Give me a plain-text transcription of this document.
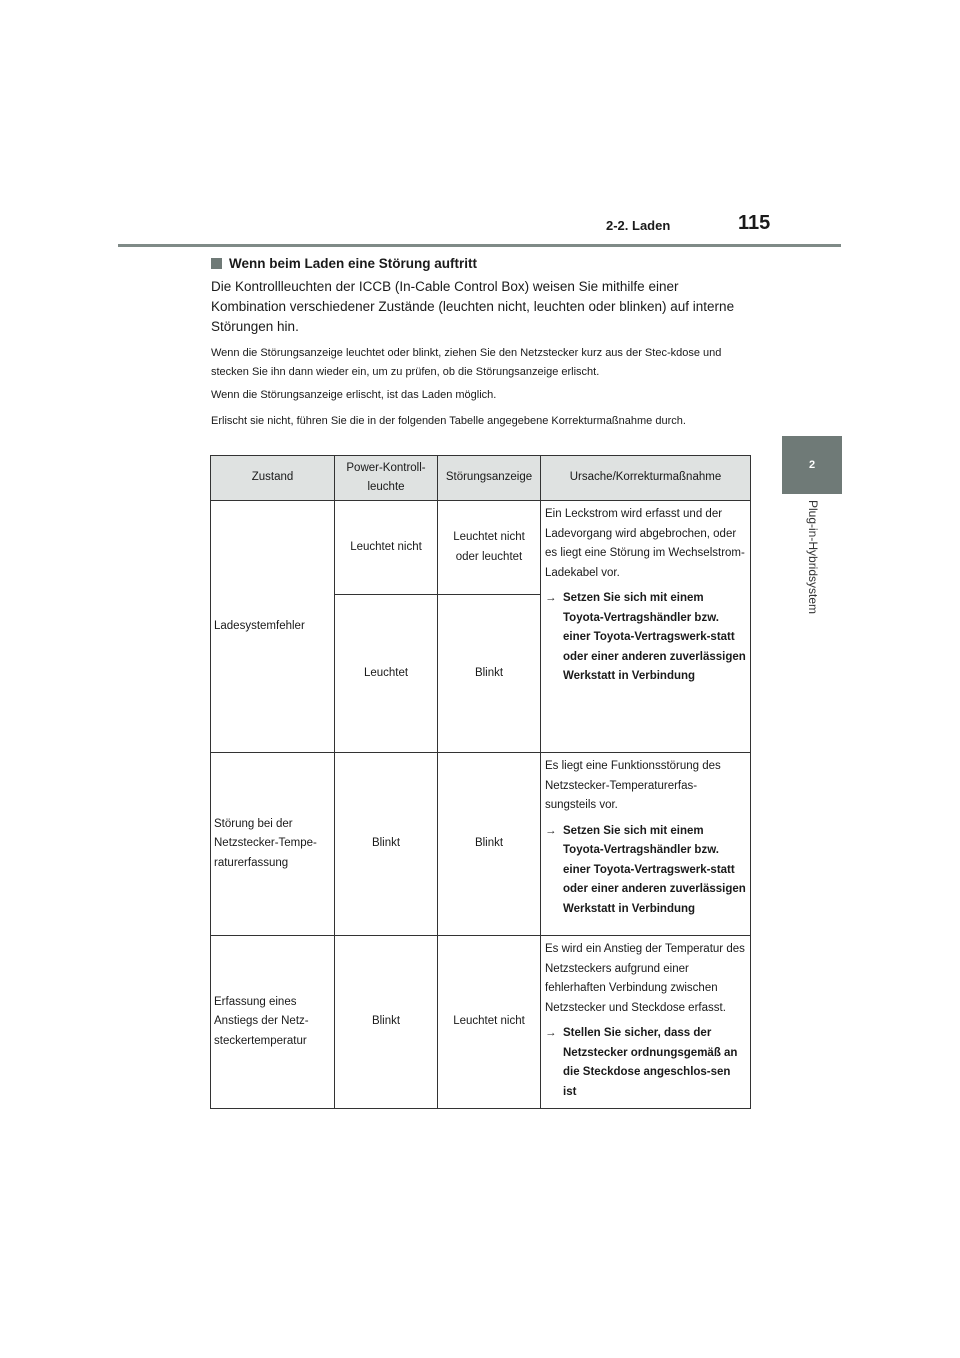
2-2. Laden	115
2
Plug-in-Hybridsystem
Wenn beim Laden eine Störung auftritt
Die Kontrollleuchten der ICCB (In-Cable Control Box) weisen Sie mithilfe einer Kombination verschiedener Zustände (leuchten nicht, leuchten oder blinken) auf interne Störungen hin.
Wenn die Störungsanzeige leuchtet oder blinkt, ziehen Sie den Netzstecker kurz aus der Stec-kdose und stecken Sie ihn dann wieder ein, um zu prüfen, ob die Störungsanzeige erlischt.
Wenn die Störungsanzeige erlischt, ist das Laden möglich.
Erlischt sie nicht, führen Sie die in der folgenden Tabelle angegebene Korrekturmaßnahme durch.
Zustand	Power-Kontroll-leuchte	Störungsanzeige	Ursache/Korrekturmaßnahme
Ladesystemfehler	Leuchtet nicht	Leuchtet nicht oder leuchtet	Ein Leckstrom wird erfasst und der Ladevorgang wird abgebrochen, oder es liegt eine Störung im Wechselstrom-Ladekabel vor.
→ Setzen Sie sich mit einem Toyota-Vertragshändler bzw. einer Toyota-Vertragswerk-statt oder einer anderen zuverlässigen Werkstatt in Verbindung

	Leuchtet	Blinkt	
Störung bei der Netzstecker-Tempe-raturerfassung	Blinkt	Blinkt	Es liegt eine Funktionsstörung des Netzstecker-Temperaturerfas-sungsteils vor.
→ Setzen Sie sich mit einem Toyota-Vertragshändler bzw. einer Toyota-Vertragswerk-statt oder einer anderen zuverlässigen Werkstatt in Verbindung

Erfassung eines Anstiegs der Netz-steckertemperatur	Blinkt	Leuchtet nicht	Es wird ein Anstieg der Temperatur des Netzsteckers aufgrund einer fehlerhaften Verbindung zwischen Netzstecker und Steckdose erfasst.
→ Stellen Sie sicher, dass der Netzstecker ordnungsgemäß an die Steckdose angeschlos-sen ist
